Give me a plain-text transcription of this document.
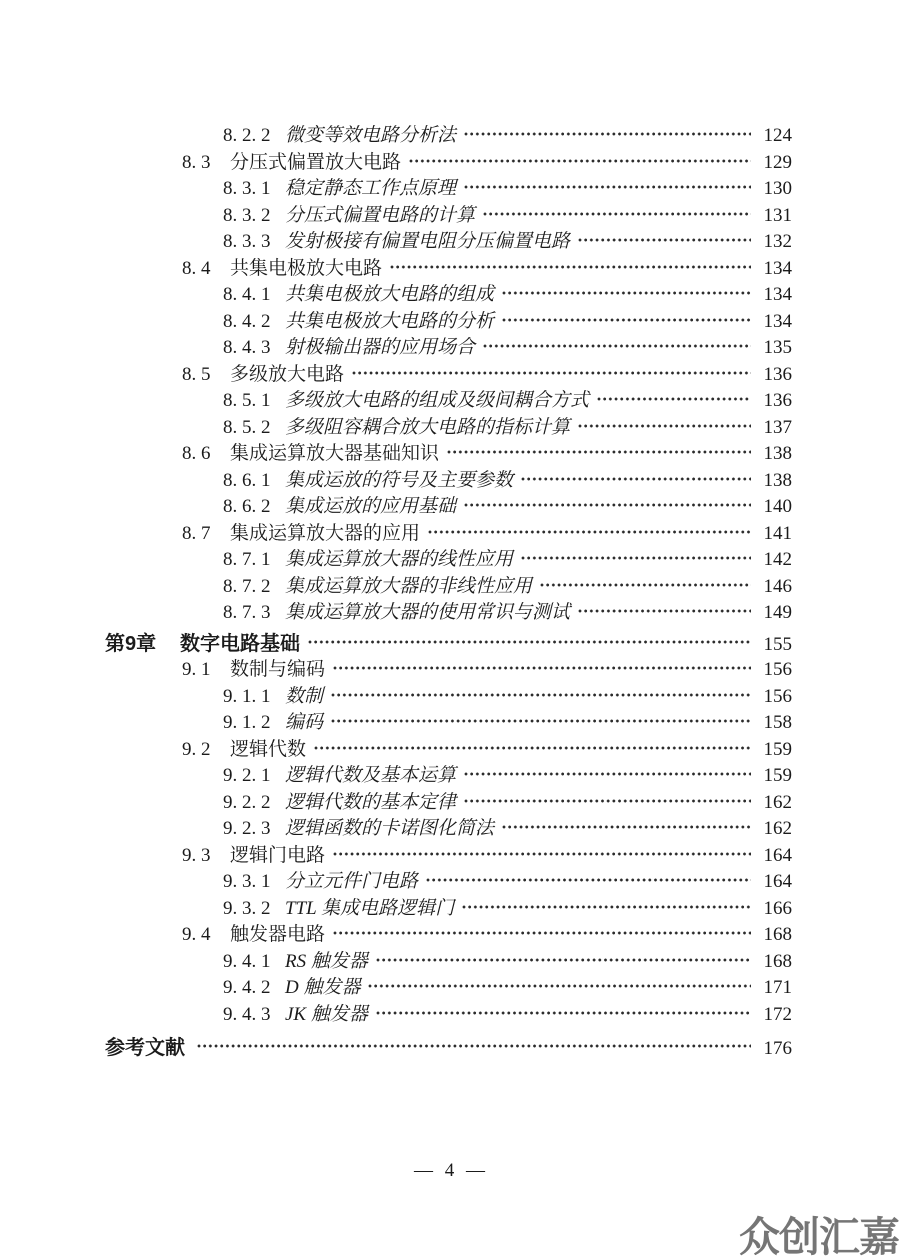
8. 2. 2 微变等效电路分析法	124
8. 3	分压式偏置放大电路	129
8. 3. 1 稳定静态工作点原理	130
8. 3. 2 分压式偏置电路的计算	131
8. 3. 3 发射极接有偏置电阻分压偏置电路	132
8. 4	共集电极放大电路	134
8. 4. 1 共集电极放大电路的组成	134
8. 4. 2 共集电极放大电路的分析	134
8. 4. 3 射极输出器的应用场合	135
8. 5	多级放大电路	136
8. 5. 1 多级放大电路的组成及级间耦合方式	136
8. 5. 2 多级阻容耦合放大电路的指标计算	137
8. 6	集成运算放大器基础知识	138
8. 6. 1 集成运放的符号及主要参数	138
8. 6. 2 集成运放的应用基础	140
8. 7	集成运算放大器的应用	141
8. 7. 1 集成运算放大器的线性应用	142
8. 7. 2 集成运算放大器的非线性应用	146
8. 7. 3 集成运算放大器的使用常识与测试	149
第9章	数字电路基础	155
9. 1	数制与编码	156
9. 1. 1 数制	156
9. 1. 2 编码	158
9. 2	逻辑代数	159
9. 2. 1 逻辑代数及基本运算	159
9. 2. 2 逻辑代数的基本定律	162
9. 2. 3 逻辑函数的卡诺图化简法	162
9. 3	逻辑门电路	164
9. 3. 1 分立元件门电路	164
9. 3. 2 TTL 集成电路逻辑门	166
9. 4	触发器电路	168
9. 4. 1 RS 触发器	168
9. 4. 2 D 触发器	171
9. 4. 3 JK 触发器	172
参考文献	176
— 4 —
众创汇嘉
